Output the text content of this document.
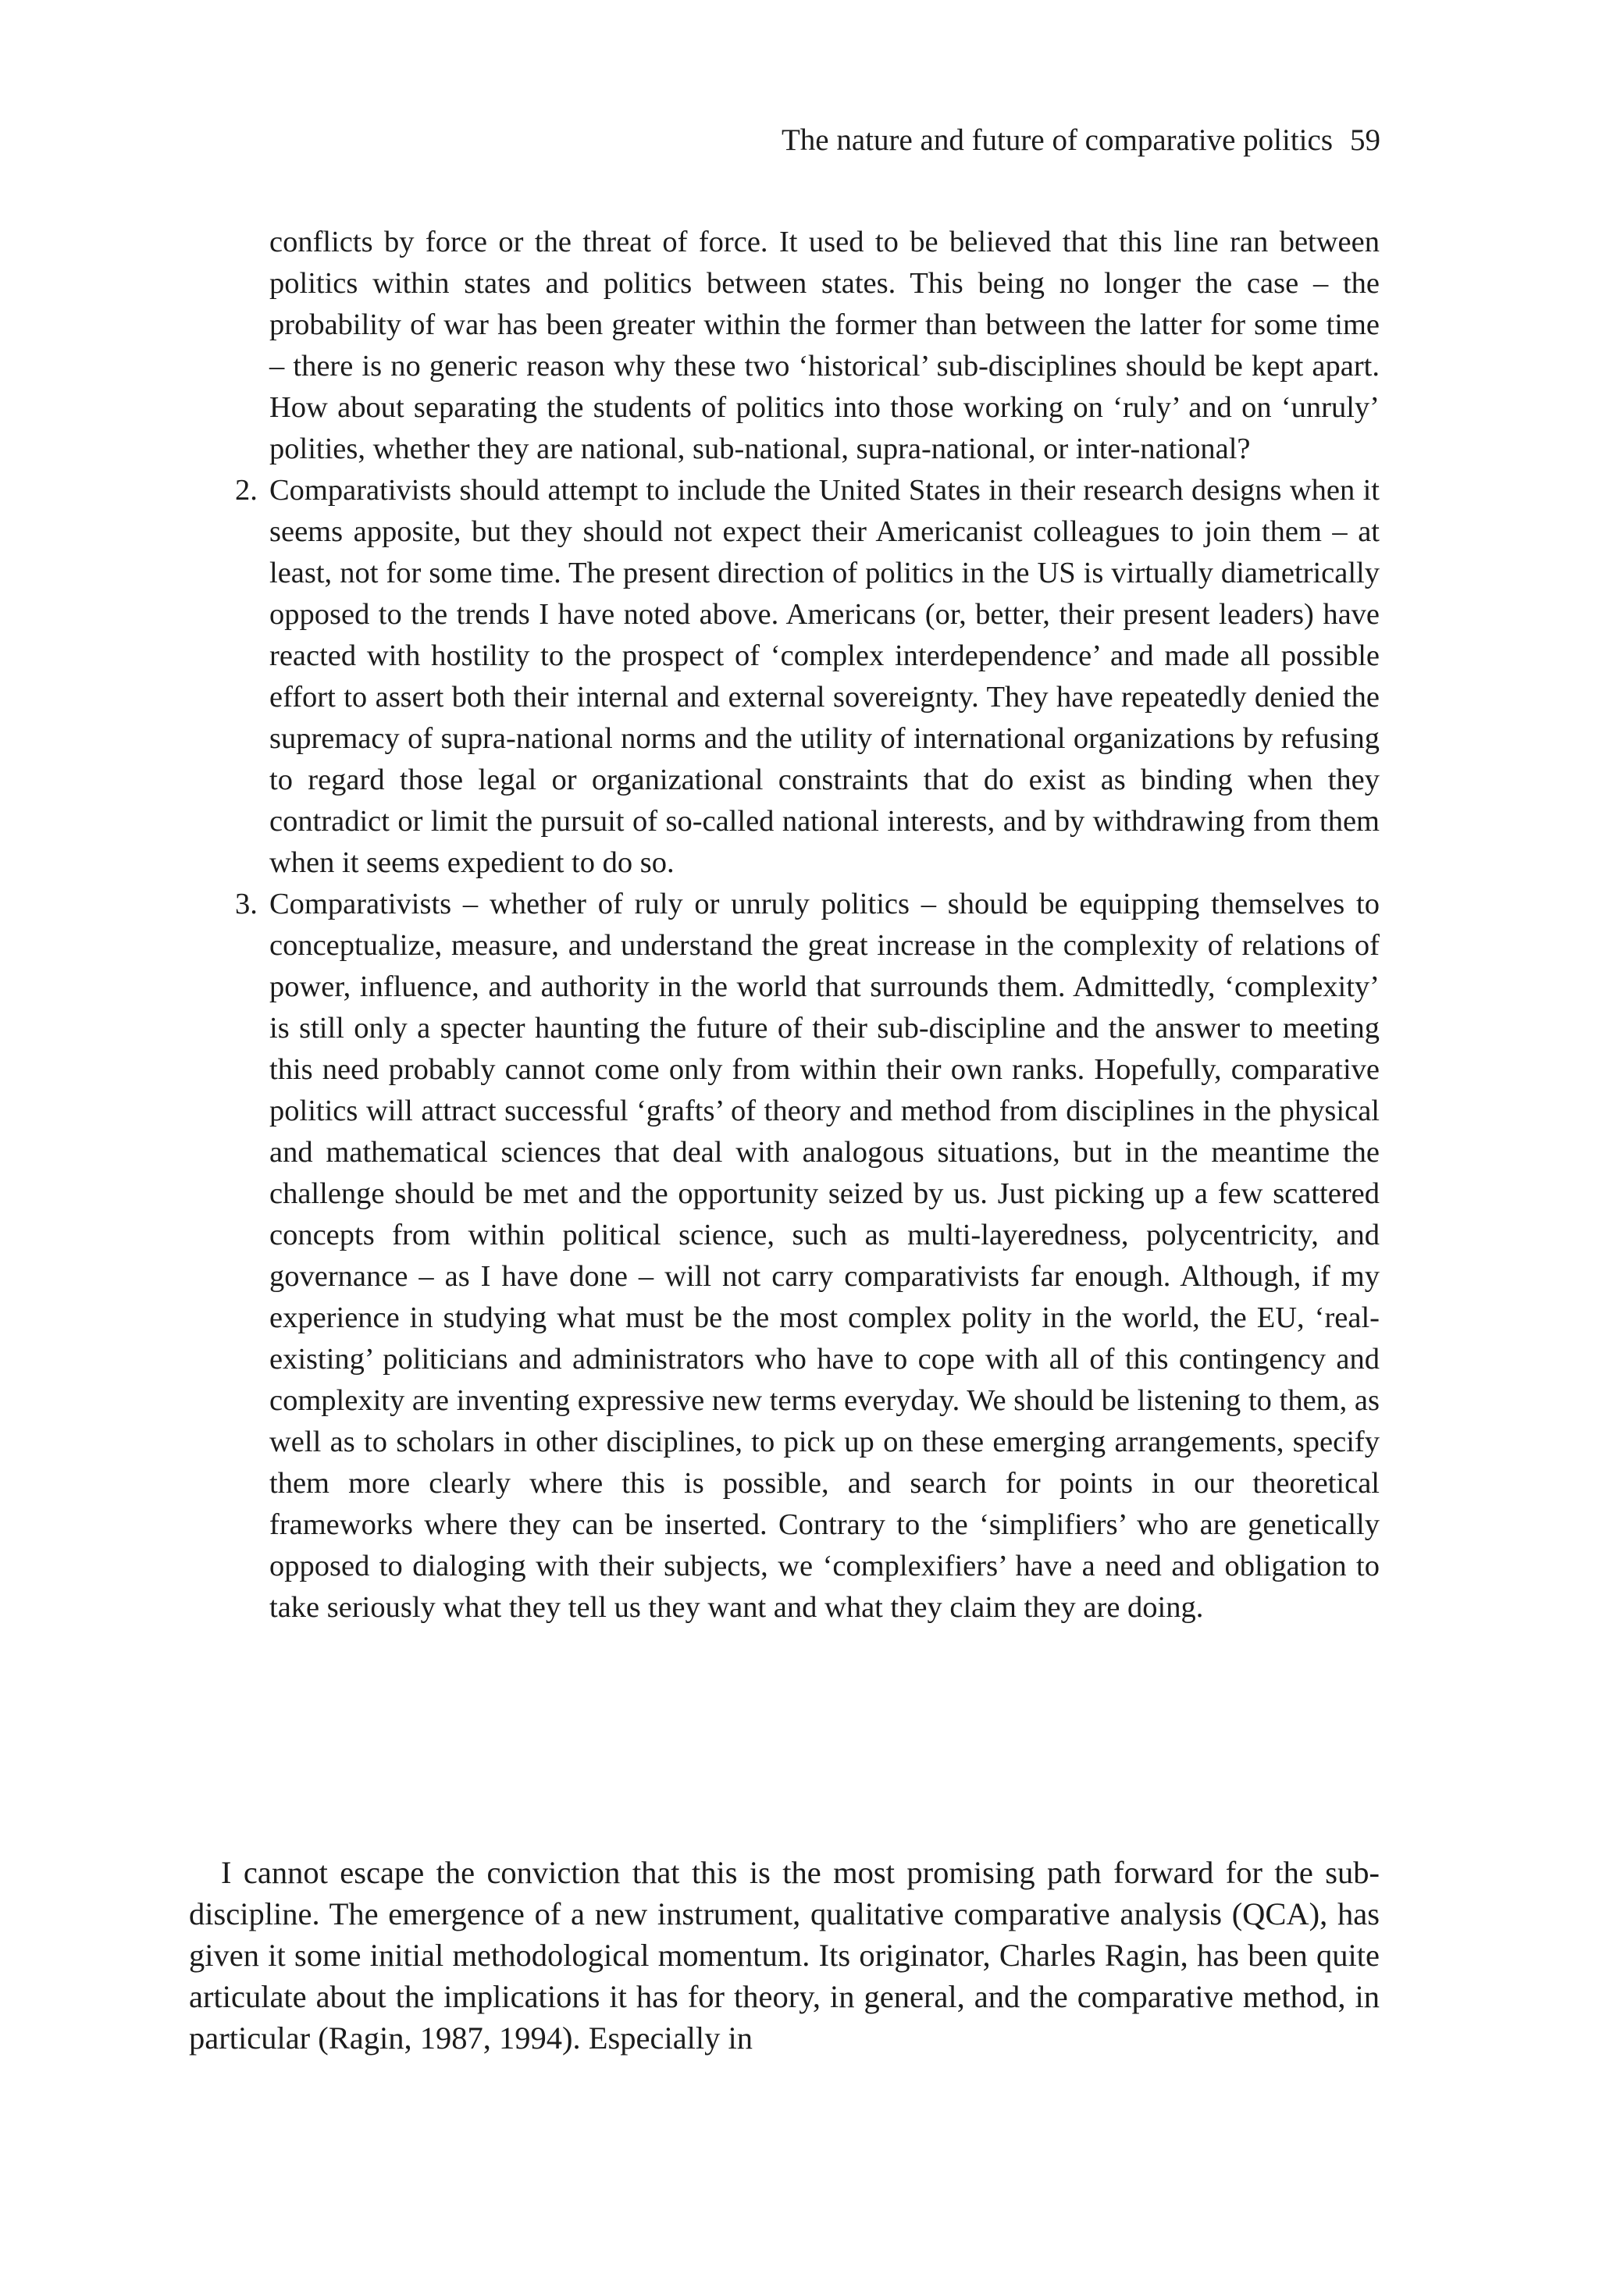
The nature and future of comparative politics 59

conflicts by force or the threat of force. It used to be believed that this line ran between politics within states and politics between states. This being no longer the case – the probability of war has been greater within the former than between the latter for some time – there is no generic reason why these two ‘historical’ sub-disciplines should be kept apart. How about separating the students of politics into those working on ‘ruly’ and on ‘unruly’ polities, whether they are national, sub-national, supra-national, or inter-national?

2. Comparativists should attempt to include the United States in their research designs when it seems apposite, but they should not expect their Americanist colleagues to join them – at least, not for some time. The present direction of politics in the US is virtually diametrically opposed to the trends I have noted above. Americans (or, better, their present leaders) have reacted with hostility to the prospect of ‘complex interdependence’ and made all possible effort to assert both their internal and external sovereignty. They have repeatedly denied the supremacy of supra-national norms and the utility of international organizations by refusing to regard those legal or organizational constraints that do exist as binding when they contradict or limit the pursuit of so-called national interests, and by withdrawing from them when it seems expedient to do so.

3. Comparativists – whether of ruly or unruly politics – should be equipping themselves to conceptualize, measure, and understand the great increase in the complexity of relations of power, influence, and authority in the world that surrounds them. Admittedly, ‘complexity’ is still only a specter haunting the future of their sub-discipline and the answer to meeting this need probably cannot come only from within their own ranks. Hopefully, comparative politics will attract successful ‘grafts’ of theory and method from disciplines in the physical and mathematical sciences that deal with analogous situations, but in the meantime the challenge should be met and the opportunity seized by us. Just picking up a few scattered concepts from within political science, such as multi-layeredness, polycentricity, and governance – as I have done – will not carry comparativists far enough. Although, if my experience in studying what must be the most complex polity in the world, the EU, ‘real-existing’ politicians and administrators who have to cope with all of this contingency and complexity are inventing expressive new terms everyday. We should be listening to them, as well as to scholars in other disciplines, to pick up on these emerging arrangements, specify them more clearly where this is possible, and search for points in our theoretical frameworks where they can be inserted. Contrary to the ‘simplifiers’ who are genetically opposed to dialoging with their subjects, we ‘complexifiers’ have a need and obligation to take seriously what they tell us they want and what they claim they are doing.

I cannot escape the conviction that this is the most promising path forward for the sub-discipline. The emergence of a new instrument, qualitative comparative analysis (QCA), has given it some initial methodological momentum. Its originator, Charles Ragin, has been quite articulate about the implications it has for theory, in general, and the comparative method, in particular (Ragin, 1987, 1994). Especially in
